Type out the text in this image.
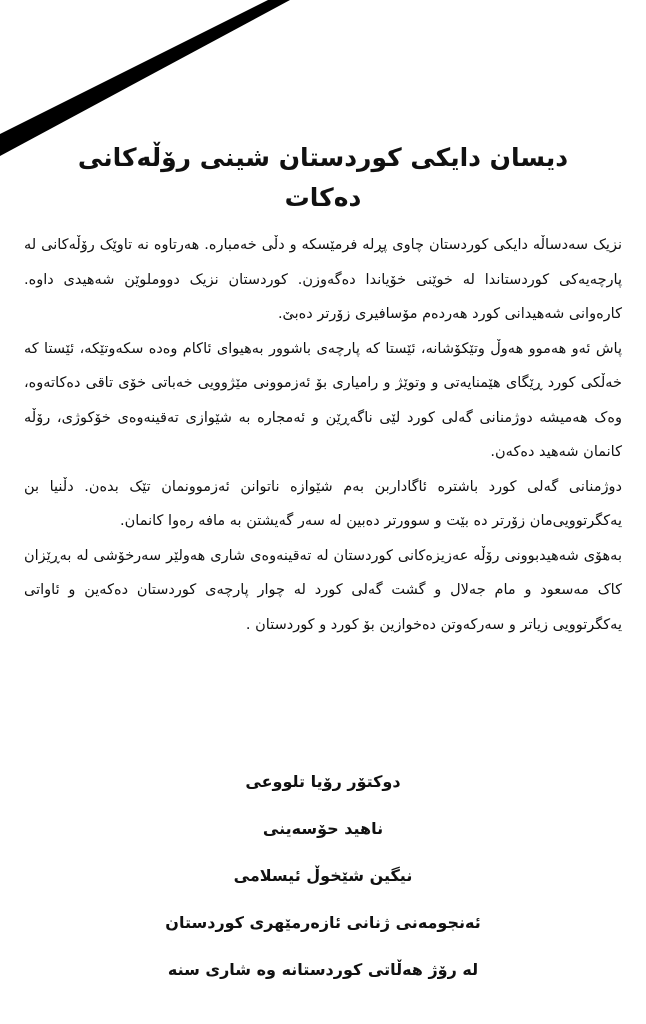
دیسان دایکی کوردستان شینی رۆڵەکانی دەکات

نزیک سەدساڵە دایکی کوردستان چاوی پڕلە فرمێسکە و دڵی خەمبارە. هەرتاوە نە تاوێک رۆڵەکانی لە پارچەیەکی کوردستاندا لە خوێنی خۆیاندا دەگەوزن. کوردستان نزیک دووملوێن شەهیدی داوە. کارەوانی شەهیدانی کورد هەردەم مۆسافیری زۆرتر دەبێ.

پاش ئەو هەموو هەوڵ وتێکۆشانە، ئێستا کە پارچەی باشوور بەهیوای ئاکام وەدە سکەوتێکە، ئێستا کە خەڵکی کورد ڕێگای هێمنایەتی و وتوێژ و رامیاری بۆ ئەزموونی مێژوویی خەباتی خۆی تاقی دەکاتەوە، وەک هەمیشە دوژمنانی گەلی کورد لێی ناگەڕێن و ئەمجارە بە شێوازی تەقینەوەی خۆکوژی، رۆڵە کانمان شەهید دەکەن.

دوژمنانی گەلی کورد باشترە ئاگاداربن بەم شێوازە ناتوانن ئەزموونمان تێک بدەن. دڵنیا بن یەکگرتوویی‌مان زۆرتر دە بێت و سوورتر دەبین لە سەر گەیشتن بە مافە رەوا کانمان.

بەهۆی شەهیدبوونی رۆڵە عەزیزەکانی کوردستان لە تەقینەوەی شاری هەولێر سەرخۆشی لە بەڕێزان کاک مەسعود و مام جەلال و گشت گەلی کورد لە چوار پارچەی کوردستان دەکەین و ئاواتی یەکگرتوویی زیاتر و سەرکەوتن دەخوازین بۆ کورد و کوردستان .

دوکتۆر رۆیا تلووعی
ناهید حۆسەینی
نیگین شێخوڵ ئیسلامی
ئەنجومەنی ژنانی ئازەرمێهری کوردستان
لە رۆژ هەڵاتی کوردستانە وە شاری سنە
